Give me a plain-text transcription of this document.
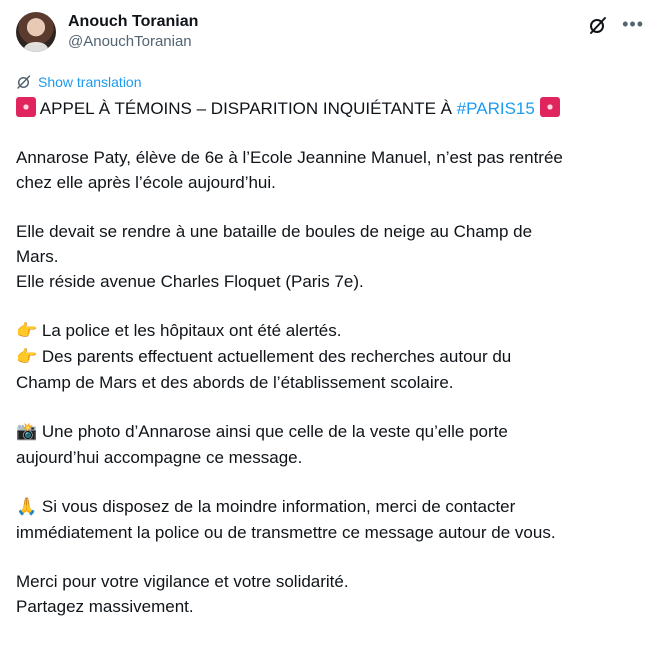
Anouch Toranian
@AnouchToranian
•••
Show translation

APPEL À TÉMOINS – DISPARITION INQUIÉTANTE À #PARIS15

Annarose Paty, élève de 6e à l’Ecole Jeannine Manuel, n’est pas rentrée

chez elle après l’école aujourd’hui.

Elle devait se rendre à une bataille de boules de neige au Champ de

Mars.

Elle réside avenue Charles Floquet (Paris 7e).

👉 La police et les hôpitaux ont été alertés.

👉 Des parents effectuent actuellement des recherches autour du

Champ de Mars et des abords de l’établissement scolaire.

📸 Une photo d’Annarose ainsi que celle de la veste qu’elle porte

aujourd’hui accompagne ce message.

🙏 Si vous disposez de la moindre information, merci de contacter

immédiatement la police ou de transmettre ce message autour de vous.

Merci pour votre vigilance et votre solidarité.

Partagez massivement.
